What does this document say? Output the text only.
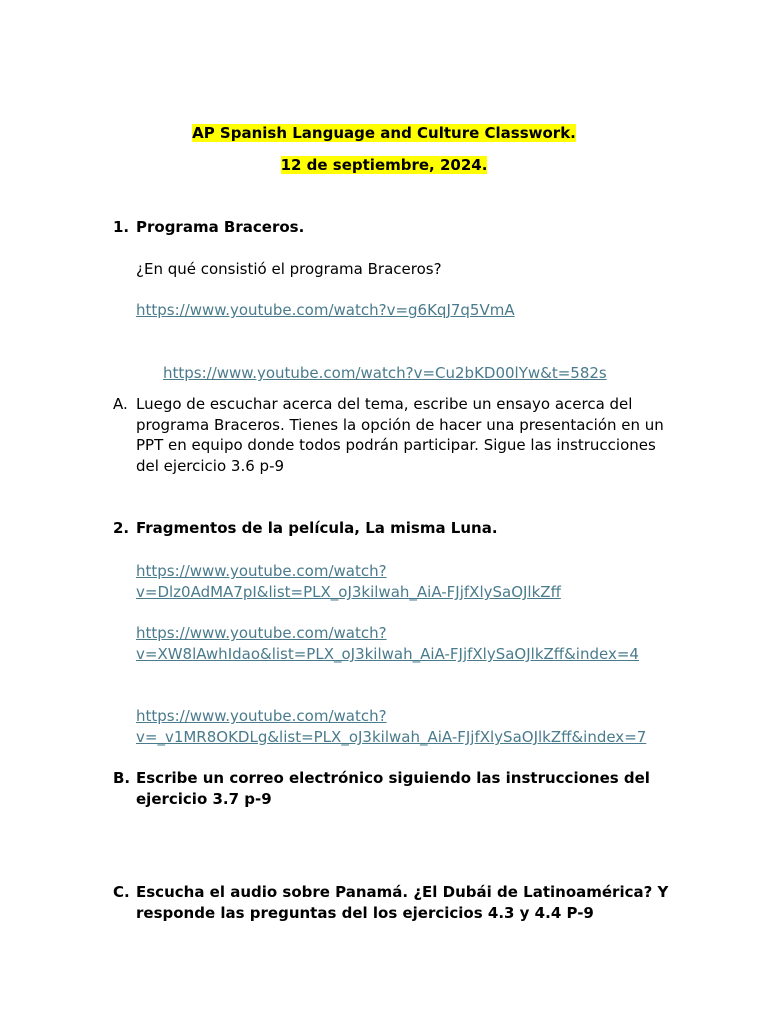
AP Spanish Language and Culture Classwork.
12 de septiembre, 2024.
1. Programa Braceros.
¿En qué consistió el programa Braceros?
https://www.youtube.com/watch?v=g6KqJ7q5VmA
https://www.youtube.com/watch?v=Cu2bKD00lYw&t=582s
A. Luego de escuchar acerca del tema, escribe un ensayo acerca del programa Braceros. Tienes la opción de hacer una presentación en un PPT en equipo donde todos podrán participar. Sigue las instrucciones del ejercicio 3.6 p-9
2. Fragmentos de la película, La misma Luna.
https://www.youtube.com/watch?
v=Dlz0AdMA7pI&list=PLX_oJ3kilwah_AiA-FJjfXlySaOJlkZff
https://www.youtube.com/watch?
v=XW8lAwhIdao&list=PLX_oJ3kilwah_AiA-FJjfXlySaOJlkZff&index=4
https://www.youtube.com/watch?
v=_v1MR8OKDLg&list=PLX_oJ3kilwah_AiA-FJjfXlySaOJlkZff&index=7
B. Escribe un correo electrónico siguiendo las instrucciones del ejercicio 3.7 p-9
C. Escucha el audio sobre Panamá. ¿El Dubái de Latinoamérica? Y responde las preguntas del los ejercicios 4.3 y 4.4 P-9
